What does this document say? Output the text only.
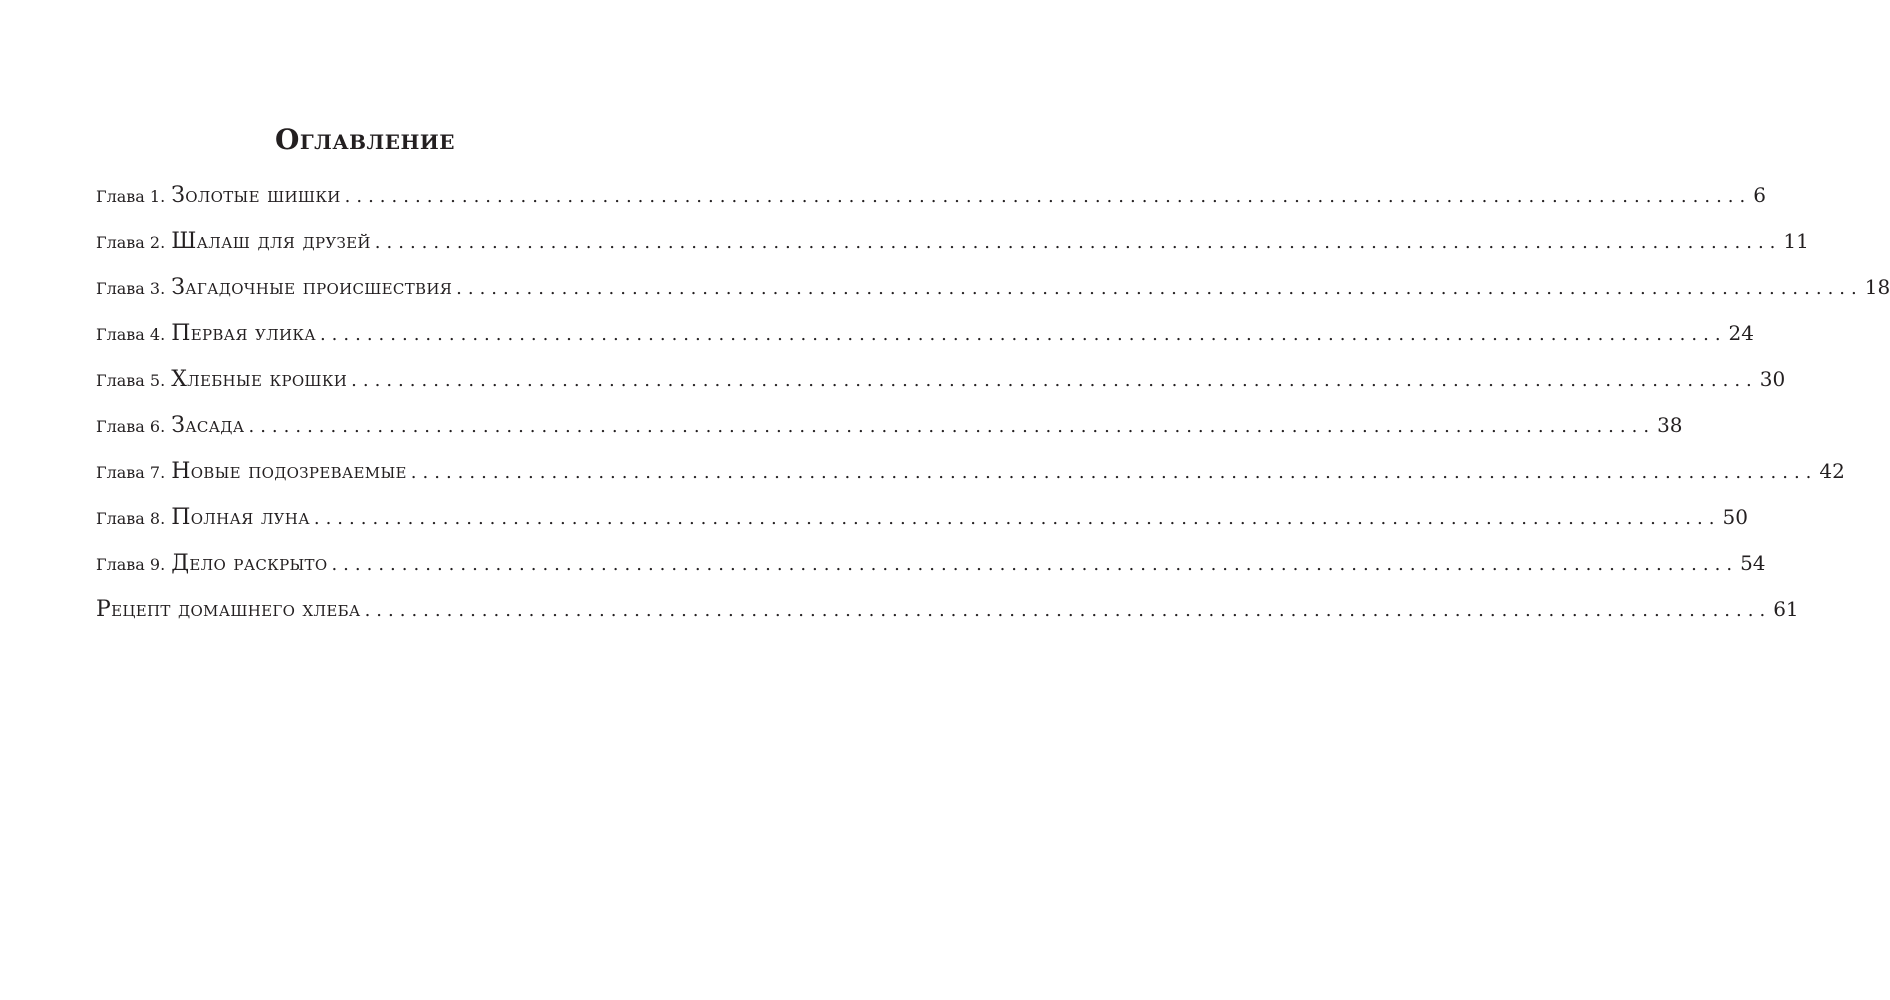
Оглавление
Глава 1. Золотые шишки ........................................................................................................................ 6
Глава 2. Шалаш для друзей ........................................................................................................................ 11
Глава 3. Загадочные происшествия ........................................................................................................................ 18
Глава 4. Первая улика ........................................................................................................................ 24
Глава 5. Хлебные крошки ........................................................................................................................ 30
Глава 6. Засада ........................................................................................................................ 38
Глава 7. Новые подозреваемые ........................................................................................................................ 42
Глава 8. Полная луна ........................................................................................................................ 50
Глава 9. Дело раскрыто ........................................................................................................................ 54
Рецепт домашнего хлеба ........................................................................................................................ 61
